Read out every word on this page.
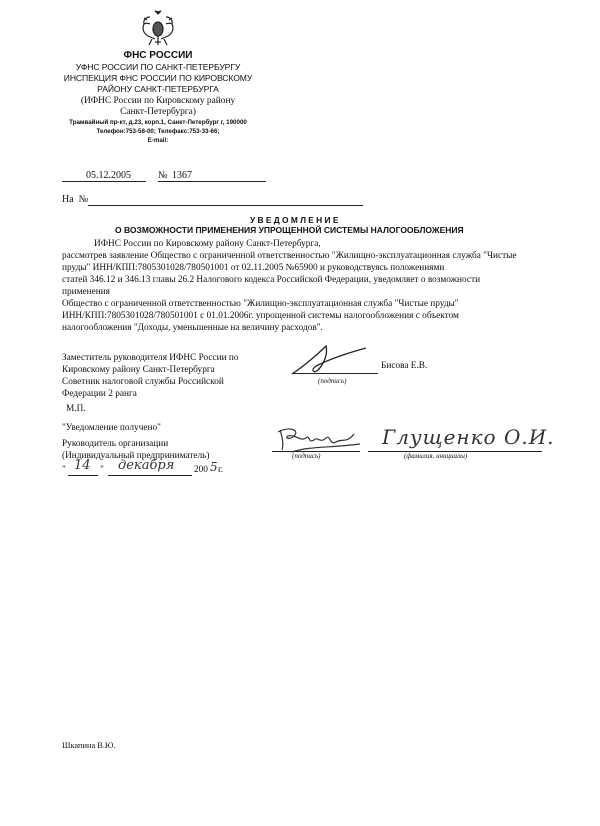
ФНС РОССИИ
УФНС РОССИИ ПО САНКТ-ПЕТЕРБУРГУ
ИНСПЕКЦИЯ ФНС РОССИИ ПО КИРОВСКОМУ
РАЙОНУ САНКТ-ПЕТЕРБУРГА
(ИФНС России по Кировскому району
Санкт-Петербурга)
Трамвайный пр-кт, д.23, корп.1, Санкт-Петербург г, 190000
Телефон:753-58-00; Телефакс:753-33-66;
E-mail:
05.12.2005	№ 1367
На №
УВЕДОМЛЕНИЕ
О ВОЗМОЖНОСТИ ПРИМЕНЕНИЯ УПРОЩЕННОЙ СИСТЕМЫ НАЛОГООБЛОЖЕНИЯ
ИФНС России по Кировскому району Санкт-Петербурга,
рассмотрев заявление Общество с ограниченной ответственностью "Жилищно-эксплуатационная служба "Чистые
пруды" ИНН/КПП:7805301028/780501001 от 02.11.2005 №65900 и руководствуясь положениями
статей 346.12 и 346.13 главы 26.2 Налогового кодекса Российской Федерации, уведомляет о возможности
применения
Общество с ограниченной ответственностью "Жилищно-эксплуатационная служба "Чистые пруды"
ИНН/КПП:7805301028/780501001 с 01.01.2006г. упрощенной системы налогообложения с объектом
налогообложения "Доходы, уменьшенные на величину расходов".
Заместитель руководителя ИФНС России по
Кировскому району Санкт-Петербурга
Советник налоговой службы Российской
Федерации 2 ранга
(подпись)
Бисова Е.В.
М.П.
"Уведомление получено"
Руководитель организации
(Индивидуальный предприниматель)
" 14 " декабря 200 5 г.
(подпись)
Глущенко О.И.
(фамилия, инициалы)
Шкапина В.Ю.
